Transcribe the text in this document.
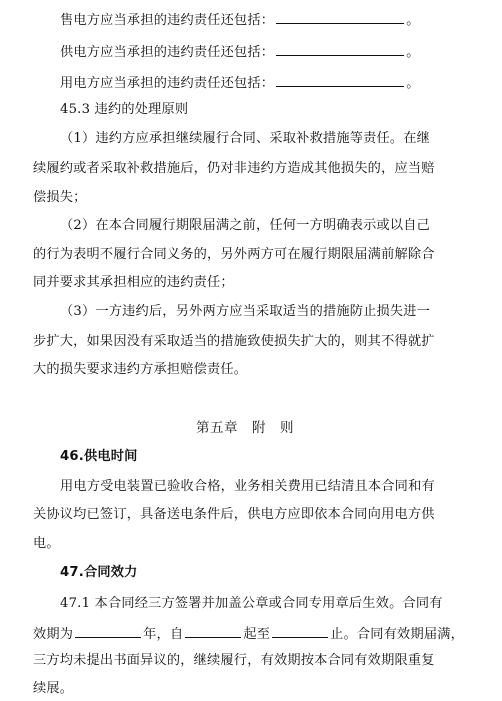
售电方应当承担的违约责任还包括：	。
供电方应当承担的违约责任还包括：	。
用电方应当承担的违约责任还包括：	。
45.3 违约的处理原则
（1）违约方应承担继续履行合同、采取补救措施等责任。在继
续履约或者采取补救措施后，仍对非违约方造成其他损失的，应当赔
偿损失；
（2）在本合同履行期限届满之前，任何一方明确表示或以自己
的行为表明不履行合同义务的，另外两方可在履行期限届满前解除合
同并要求其承担相应的违约责任；
（3）一方违约后，另外两方应当采取适当的措施防止损失进一
步扩大，如果因没有采取适当的措施致使损失扩大的，则其不得就扩
大的损失要求违约方承担赔偿责任。
第五章　附　则
46.供电时间
用电方受电装置已验收合格，业务相关费用已结清且本合同和有
关协议均已签订，具备送电条件后，供电方应即依本合同向用电方供
电。
47.合同效力
47.1 本合同经三方签署并加盖公章或合同专用章后生效。合同有
效期为	年，自	起至	止。合同有效期届满，
三方均未提出书面异议的，继续履行，有效期按本合同有效期限重复
续展。
